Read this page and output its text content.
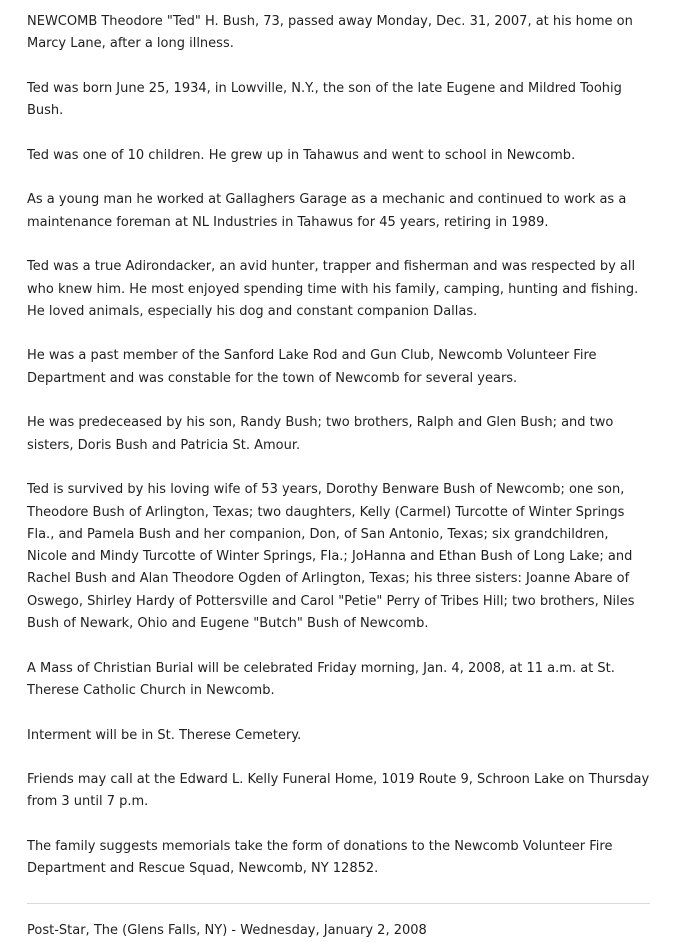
NEWCOMB Theodore "Ted" H. Bush, 73, passed away Monday, Dec. 31, 2007, at his home on Marcy Lane, after a long illness.

Ted was born June 25, 1934, in Lowville, N.Y., the son of the late Eugene and Mildred Toohig Bush.

Ted was one of 10 children. He grew up in Tahawus and went to school in Newcomb.

As a young man he worked at Gallaghers Garage as a mechanic and continued to work as a maintenance foreman at NL Industries in Tahawus for 45 years, retiring in 1989.

Ted was a true Adirondacker, an avid hunter, trapper and fisherman and was respected by all who knew him. He most enjoyed spending time with his family, camping, hunting and fishing. He loved animals, especially his dog and constant companion Dallas.

He was a past member of the Sanford Lake Rod and Gun Club, Newcomb Volunteer Fire Department and was constable for the town of Newcomb for several years.

He was predeceased by his son, Randy Bush; two brothers, Ralph and Glen Bush; and two sisters, Doris Bush and Patricia St. Amour.

Ted is survived by his loving wife of 53 years, Dorothy Benware Bush of Newcomb; one son, Theodore Bush of Arlington, Texas; two daughters, Kelly (Carmel) Turcotte of Winter Springs Fla., and Pamela Bush and her companion, Don, of San Antonio, Texas; six grandchildren, Nicole and Mindy Turcotte of Winter Springs, Fla.; JoHanna and Ethan Bush of Long Lake; and Rachel Bush and Alan Theodore Ogden of Arlington, Texas; his three sisters: Joanne Abare of Oswego, Shirley Hardy of Pottersville and Carol "Petie" Perry of Tribes Hill; two brothers, Niles Bush of Newark, Ohio and Eugene "Butch" Bush of Newcomb.

A Mass of Christian Burial will be celebrated Friday morning, Jan. 4, 2008, at 11 a.m. at St. Therese Catholic Church in Newcomb.

Interment will be in St. Therese Cemetery.

Friends may call at the Edward L. Kelly Funeral Home, 1019 Route 9, Schroon Lake on Thursday from 3 until 7 p.m.

The family suggests memorials take the form of donations to the Newcomb Volunteer Fire Department and Rescue Squad, Newcomb, NY 12852.

Post-Star, The (Glens Falls, NY) - Wednesday, January 2, 2008
